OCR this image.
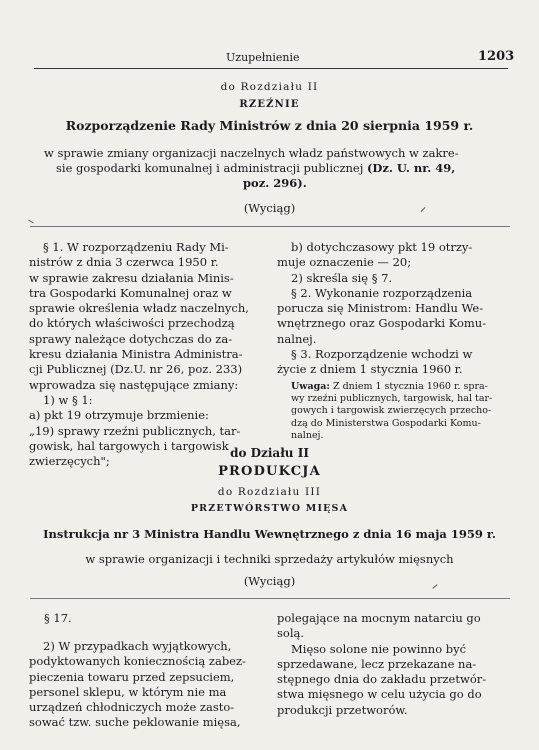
Uzupełnienie	1203
do Rozdziału II
RZEŹNIE
Rozporządzenie Rady Ministrów z dnia 20 sierpnia 1959 r.
w sprawie zmiany organizacji naczelnych władz państwowych w zakre-
sie gospodarki komunalnej i administracji publicznej (Dz. U. nr. 49,
poz. 296).
(Wyciąg)

§ 1. W rozporządzeniu Rady Mi-

nistrów z dnia 3 czerwca 1950 r.

w sprawie zakresu działania Minis-

tra Gospodarki Komunalnej oraz w

sprawie określenia władz naczelnych,

do których właściwości przechodzą

sprawy należące dotychczas do za-

kresu działania Ministra Administra-

cji Publicznej (Dz.U. nr 26, poz. 233)

wprowadza się następujące zmiany:

1) w § 1:

a) pkt 19 otrzymuje brzmienie:

„19) sprawy rzeźni publicznych, tar-

gowisk, hal targowych i targowisk

zwierzęcych";

b) dotychczasowy pkt 19 otrzy-

muje oznaczenie — 20;

2) skreśla się § 7.

§ 2. Wykonanie rozporządzenia

porucza się Ministrom: Handlu We-

wnętrznego oraz Gospodarki Komu-

nalnej.

§ 3. Rozporządzenie wchodzi w

życie z dniem 1 stycznia 1960 r.

Uwaga: Z dniem 1 stycznia 1960 r. spra-
wy rzeźni publicznych, targowisk, hal tar-
gowych i targowisk zwierzęcych przecho-
dzą do Ministerstwa Gospodarki Komu-
nalnej.
do Działu II
PRODUKCJA
do Rozdziału III
PRZETWÓRSTWO MIĘSA
Instrukcja nr 3 Ministra Handlu Wewnętrznego z dnia 16 maja 1959 r.
w sprawie organizacji i techniki sprzedaży artykułów mięsnych
(Wyciąg)
§ 17.

2) W przypadkach wyjątkowych,

podyktowanych koniecznością zabez-

pieczenia towaru przed zepsuciem,

personel sklepu, w którym nie ma

urządzeń chłodniczych może zasto-

sować tzw. suche peklowanie mięsa,

polegające na mocnym natarciu go

solą.

Mięso solone nie powinno być

sprzedawane, lecz przekazane na-

stępnego dnia do zakładu przetwór-

stwa mięsnego w celu użycia go do

produkcji przetworów.
